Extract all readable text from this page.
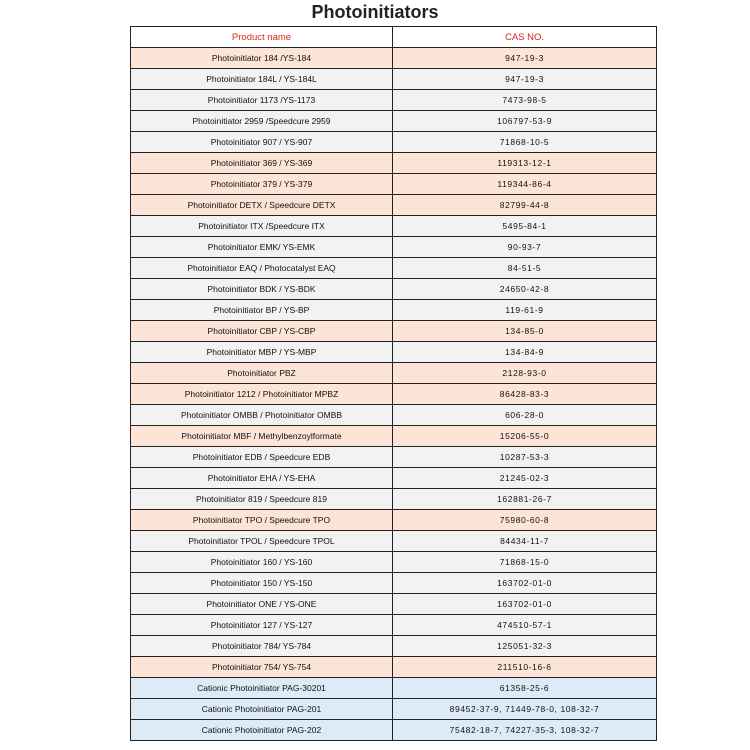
Photoinitiators
Product name	CAS NO.
Photoinitiator 184 /YS-184	947-19-3
Photoinitiator 184L / YS-184L	947-19-3
Photoinitiator 1173 /YS-1173	7473-98-5
Photoinitiator 2959 /Speedcure 2959	106797-53-9
Photoinitiator 907 / YS-907	71868-10-5
Photoinitiator 369 / YS-369	119313-12-1
Photoinitiator 379 / YS-379	119344-86-4
Photoinitiator DETX / Speedcure DETX	82799-44-8
Photoinitiator ITX /Speedcure ITX	5495-84-1
Photoinitiator EMK/ YS-EMK	90-93-7
Photoinitiator EAQ / Photocatalyst EAQ	84-51-5
Photoinitiator BDK / YS-BDK	24650-42-8
Photoinitiator BP / YS-BP	119-61-9
Photoinitiator CBP / YS-CBP	134-85-0
Photoinitiator MBP / YS-MBP	134-84-9
Photoinitiator PBZ	2128-93-0
Photoinitiator 1212 / Photoinitiator MPBZ	86428-83-3
Photoinitiator OMBB / Photoinitiator OMBB	606-28-0
Photoinitiator MBF / Methylbenzoylformate	15206-55-0
Photoinitiator EDB / Speedcure EDB	10287-53-3
Photoinitiator EHA / YS-EHA	21245-02-3
Photoinitiator 819 / Speedcure 819	162881-26-7
Photoinitiator TPO / Speedcure TPO	75980-60-8
Photoinitiator TPOL / Speedcure TPOL	84434-11-7
Photoinitiator 160 / YS-160	71868-15-0
Photoinitiator 150 / YS-150	163702-01-0
Photoinitiator ONE / YS-ONE	163702-01-0
Photoinitiator 127 / YS-127	474510-57-1
Photoinitiator 784/ YS-784	125051-32-3
Photoinitiator 754/ YS-754	211510-16-6
Cationic Photoinitiator PAG-30201	61358-25-6
Cationic Photoinitiator PAG-201	89452-37-9, 71449-78-0, 108-32-7
Cationic Photoinitiator PAG-202	75482-18-7, 74227-35-3, 108-32-7
